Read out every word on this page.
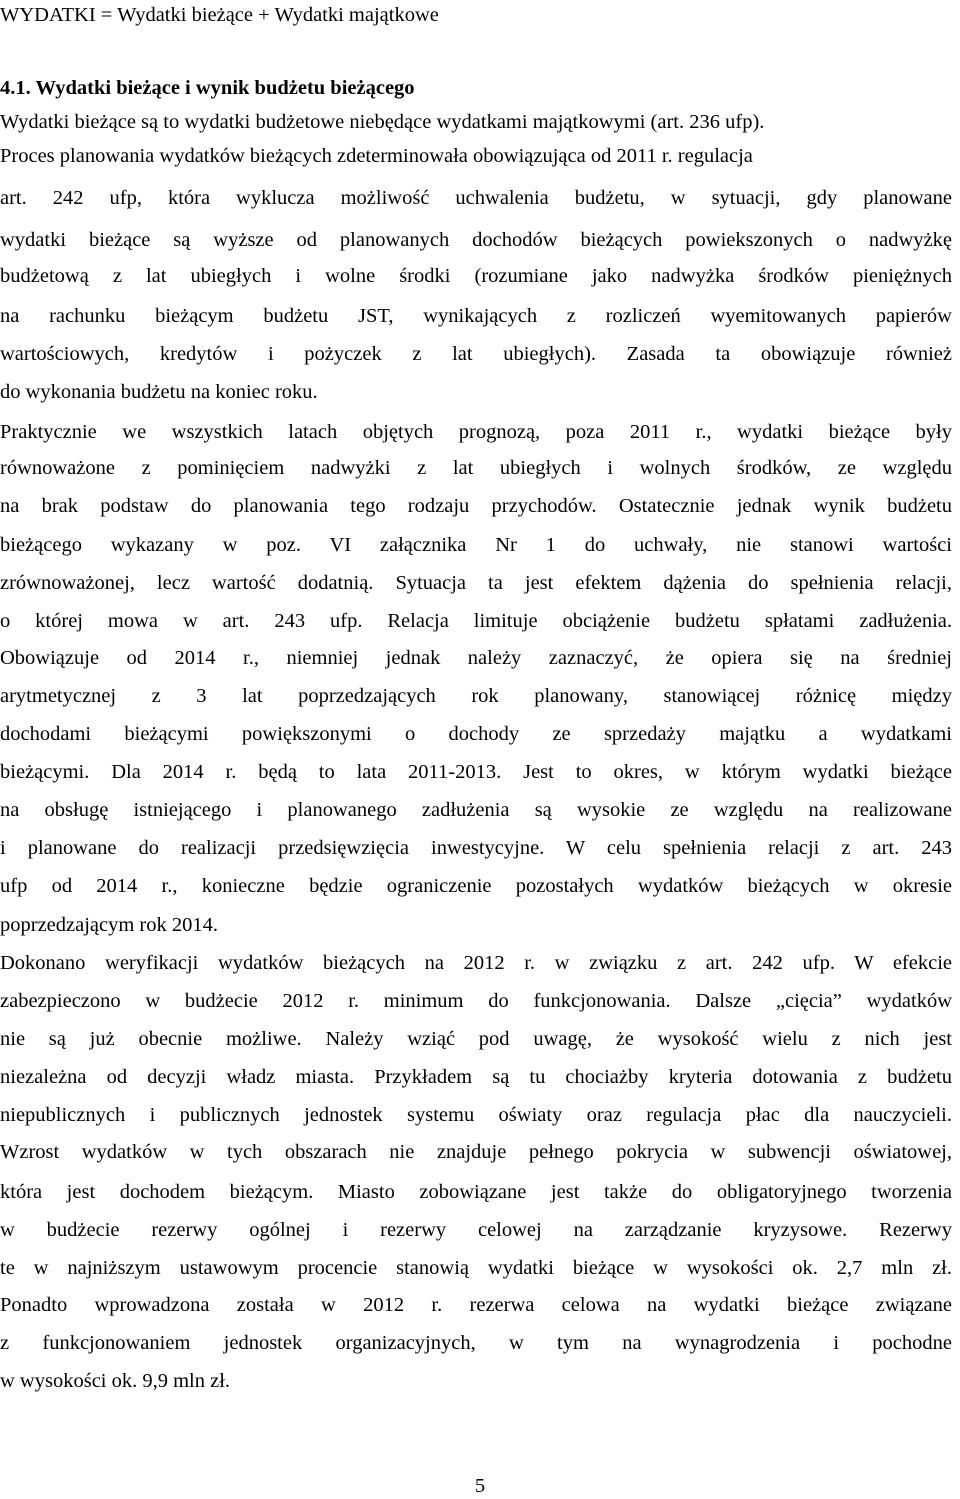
WYDATKI = Wydatki bieżące + Wydatki majątkowe
4.1. Wydatki bieżące i wynik budżetu bieżącego
Wydatki bieżące są to wydatki budżetowe niebędące wydatkami majątkowymi (art. 236 ufp).
Proces planowania wydatków bieżących zdeterminowała obowiązująca od 2011 r. regulacja
art. 242 ufp, która wyklucza możliwość uchwalenia budżetu, w sytuacji, gdy planowane
wydatki bieżące są wyższe od planowanych dochodów bieżących powiekszonych o nadwyżkę
budżetową z lat ubiegłych i wolne środki (rozumiane jako nadwyżka środków pieniężnych
na rachunku bieżącym budżetu JST, wynikających z rozliczeń wyemitowanych papierów
wartościowych, kredytów i pożyczek z lat ubiegłych). Zasada ta obowiązuje również
do wykonania budżetu na koniec roku.
Praktycznie we wszystkich latach objętych prognozą, poza 2011 r., wydatki bieżące były
równoważone z pominięciem nadwyżki z lat ubiegłych i wolnych środków, ze względu
na brak podstaw do planowania tego rodzaju przychodów. Ostatecznie jednak wynik budżetu
bieżącego wykazany w poz. VI załącznika Nr 1 do uchwały, nie stanowi wartości
zrównoważonej, lecz wartość dodatnią. Sytuacja ta jest efektem dążenia do spełnienia relacji,
o której mowa w art. 243 ufp. Relacja limituje obciążenie budżetu spłatami zadłużenia.
Obowiązuje od 2014 r., niemniej jednak należy zaznaczyć, że opiera się na średniej
arytmetycznej z 3 lat poprzedzających rok planowany, stanowiącej różnicę między
dochodami bieżącymi powiększonymi o dochody ze sprzedaży majątku a wydatkami
bieżącymi. Dla 2014 r. będą to lata 2011-2013. Jest to okres, w którym wydatki bieżące
na obsługę istniejącego i planowanego zadłużenia są wysokie ze względu na realizowane
i planowane do realizacji przedsięwzięcia inwestycyjne. W celu spełnienia relacji z art. 243
ufp od 2014 r., konieczne będzie ograniczenie pozostałych wydatków bieżących w okresie
poprzedzającym rok 2014.
Dokonano weryfikacji wydatków bieżących na 2012 r. w związku z art. 242 ufp. W efekcie
zabezpieczono w budżecie 2012 r. minimum do funkcjonowania. Dalsze „cięcia” wydatków
nie są już obecnie możliwe. Należy wziąć pod uwagę, że wysokość wielu z nich jest
niezależna od decyzji władz miasta. Przykładem są tu chociażby kryteria dotowania z budżetu
niepublicznych i publicznych jednostek systemu oświaty oraz regulacja płac dla nauczycieli.
Wzrost wydatków w tych obszarach nie znajduje pełnego pokrycia w subwencji oświatowej,
która jest dochodem bieżącym. Miasto zobowiązane jest także do obligatoryjnego tworzenia
w budżecie rezerwy ogólnej i rezerwy celowej na zarządzanie kryzysowe. Rezerwy
te w najniższym ustawowym procencie stanowią wydatki bieżące w wysokości ok. 2,7 mln zł.
Ponadto wprowadzona została w 2012 r. rezerwa celowa na wydatki bieżące związane
z funkcjonowaniem jednostek organizacyjnych, w tym na wynagrodzenia i pochodne
w wysokości ok. 9,9 mln zł.
5
